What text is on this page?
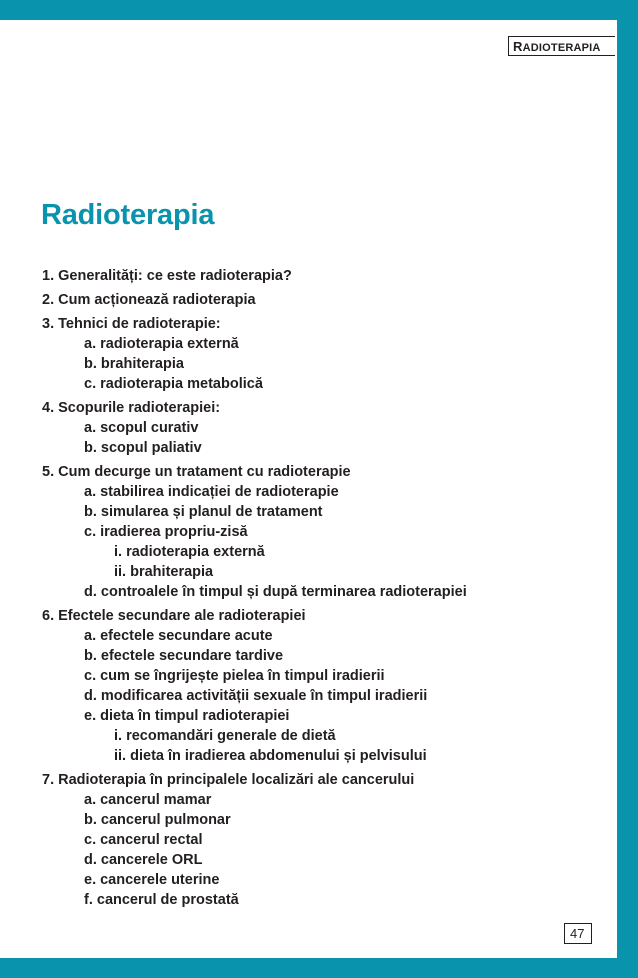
RADIOTERAPIA
Radioterapia
1. Generalități: ce este radioterapia?
2. Cum acționează radioterapia
3. Tehnici de radioterapie:
a. radioterapia externă
b. brahiterapia
c. radioterapia metabolică
4. Scopurile radioterapiei:
a. scopul curativ
b. scopul paliativ
5. Cum decurge un tratament cu radioterapie
a. stabilirea indicației de radioterapie
b. simularea și planul de tratament
c. iradierea propriu-zisă
i. radioterapia externă
ii. brahiterapia
d. controalele în timpul și după terminarea radioterapiei
6. Efectele secundare ale radioterapiei
a. efectele secundare acute
b. efectele secundare tardive
c. cum se îngrijește pielea în timpul iradierii
d. modificarea activității sexuale în timpul iradierii
e. dieta în timpul radioterapiei
i. recomandări generale de dietă
ii. dieta în iradierea abdomenului și pelvisului
7. Radioterapia în principalele localizări ale cancerului
a. cancerul mamar
b. cancerul pulmonar
c. cancerul rectal
d. cancerele ORL
e. cancerele uterine
f. cancerul de prostată
47
